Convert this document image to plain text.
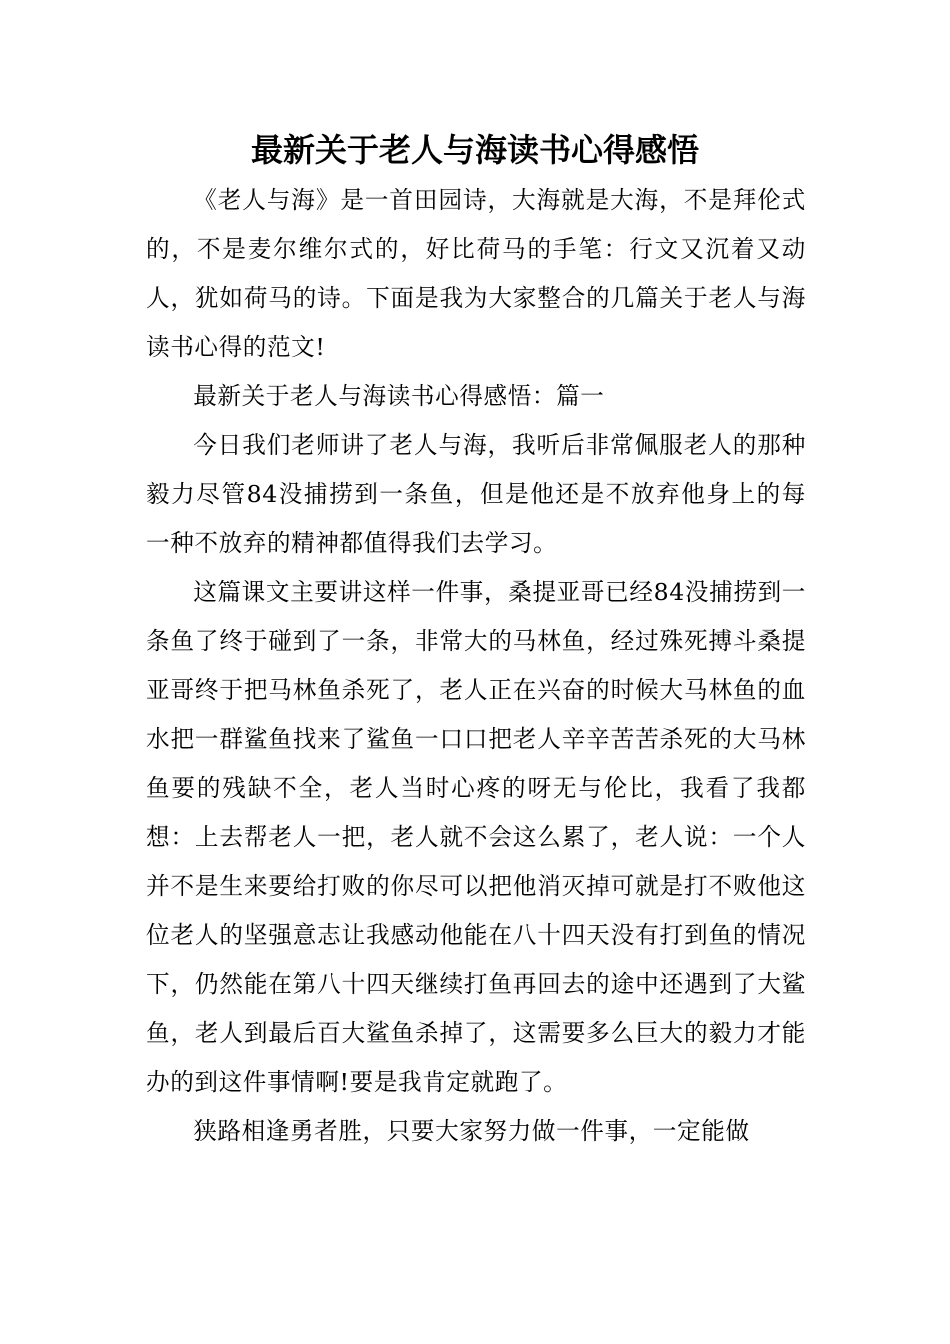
最新关于老人与海读书心得感悟

《老人与海》是一首田园诗，大海就是大海，不是拜伦式的，不是麦尔维尔式的，好比荷马的手笔：行文又沉着又动人，犹如荷马的诗。下面是我为大家整合的几篇关于老人与海读书心得的范文!

最新关于老人与海读书心得感悟：篇一

今日我们老师讲了老人与海，我听后非常佩服老人的那种毅力尽管84没捕捞到一条鱼，但是他还是不放弃他身上的每一种不放弃的精神都值得我们去学习。

这篇课文主要讲这样一件事，桑提亚哥已经84没捕捞到一条鱼了终于碰到了一条，非常大的马林鱼，经过殊死搏斗桑提亚哥终于把马林鱼杀死了，老人正在兴奋的时候大马林鱼的血水把一群鲨鱼找来了鲨鱼一口口把老人辛辛苦苦杀死的大马林鱼要的残缺不全，老人当时心疼的呀无与伦比，我看了我都想：上去帮老人一把，老人就不会这么累了，老人说：一个人并不是生来要给打败的你尽可以把他消灭掉可就是打不败他这位老人的坚强意志让我感动他能在八十四天没有打到鱼的情况下，仍然能在第八十四天继续打鱼再回去的途中还遇到了大鲨鱼，老人到最后百大鲨鱼杀掉了，这需要多么巨大的毅力才能办的到这件事情啊!要是我肯定就跑了。

狭路相逢勇者胜，只要大家努力做一件事，一定能做
